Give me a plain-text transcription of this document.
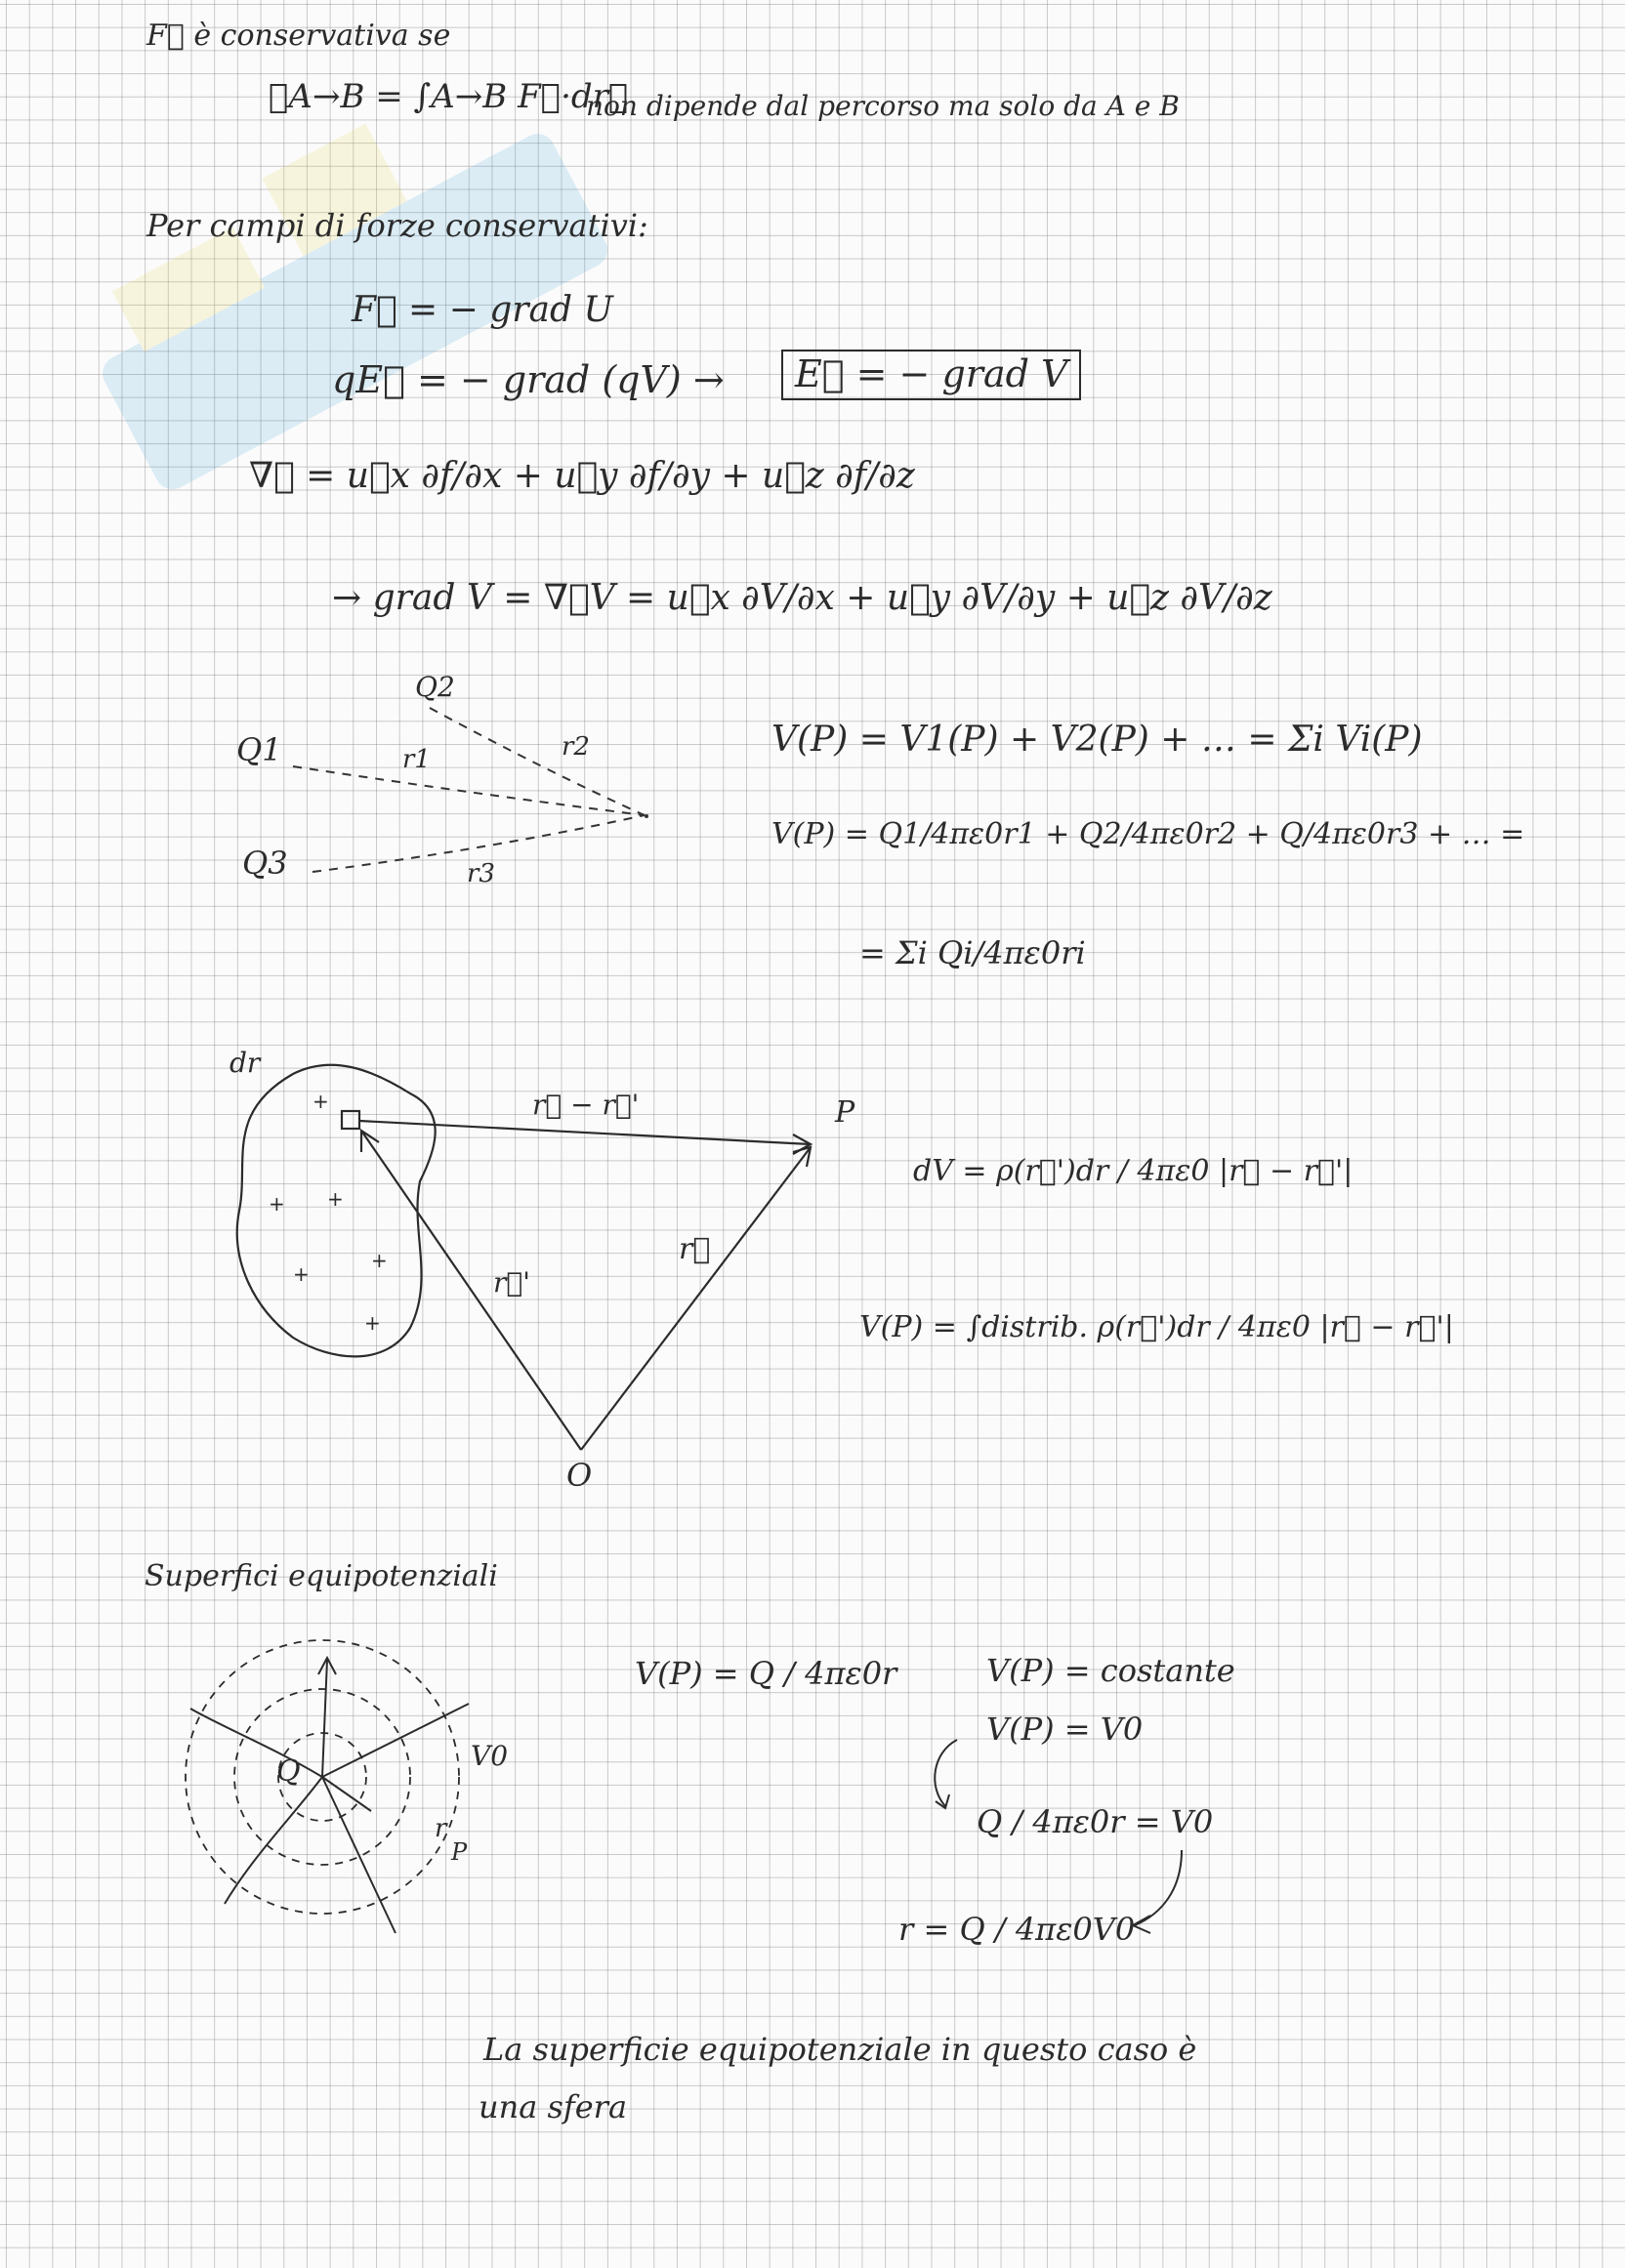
F⃗ è conservativa se
ℒA→B = ∫A→B F⃗·dr⃗
non dipende dal percorso ma solo da A e B
Per campi di forze conservativi:
F⃗ = − grad U
qE⃗ = − grad (qV) →	E⃗ = − grad V
∇⃗ = u⃗x ∂f/∂x + u⃗y ∂f/∂y + u⃗z ∂f/∂z
→ grad V = ∇⃗V = u⃗x ∂V/∂x + u⃗y ∂V/∂y + u⃗z ∂V/∂z
Q2
Q1
Q3
r1	r2
r3
V(P) = V1(P) + V2(P) + … = Σi Vi(P)
V(P) = Q1/4πε0r1 + Q2/4πε0r2 + Q/4πε0r3 + … =
= Σi Qi/4πε0ri
dr
r⃗ − r⃗'	P
r⃗'
r⃗
O
+
+ +
+
+
+
dV = ρ(r⃗')dr / 4πε0 |r⃗ − r⃗'|
V(P) = ∫distrib. ρ(r⃗')dr / 4πε0 |r⃗ − r⃗'|
Superfici equipotenziali
Q	V0
r
P
V(P) = Q / 4πε0r	V(P) = costante
V(P) = V0
Q / 4πε0r = V0
r = Q / 4πε0V0
La superficie equipotenziale in questo caso è
una sfera
